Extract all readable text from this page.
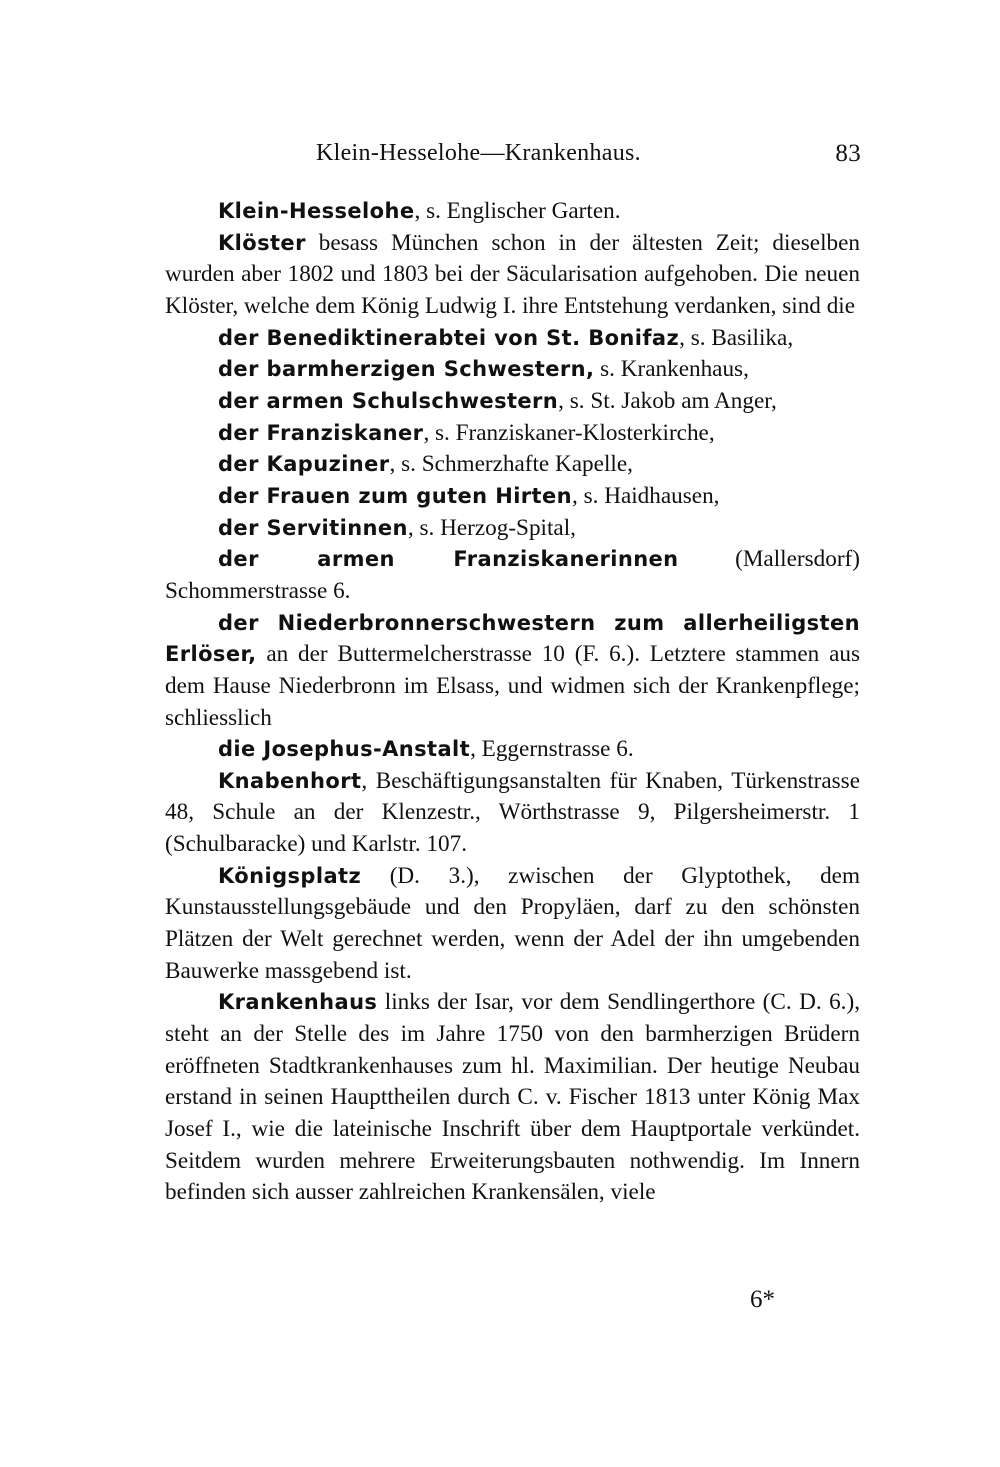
Klein-Hesselohe—Krankenhaus.	83

Klein-Hesselohe, s. Englischer Garten.

Klöster besass München schon in der ältesten Zeit; dieselben wurden aber 1802 und 1803 bei der Säcularisation aufgehoben. Die neuen Klöster, welche dem König Ludwig I. ihre Entstehung verdanken, sind die

der Benediktinerabtei von St. Bonifaz, s. Basilika,

der barmherzigen Schwestern, s. Krankenhaus,

der armen Schulschwestern, s. St. Jakob am Anger,

der Franziskaner, s. Franziskaner-Klosterkirche,

der Kapuziner, s. Schmerzhafte Kapelle,

der Frauen zum guten Hirten, s. Haidhausen,

der Servitinnen, s. Herzog-Spital,

der armen Franziskanerinnen (Mallersdorf) Schommerstrasse 6.

der Niederbronnerschwestern zum allerheiligsten Erlöser, an der Buttermelcherstrasse 10 (F. 6.). Letztere stammen aus dem Hause Niederbronn im Elsass, und widmen sich der Krankenpflege; schliesslich

die Josephus-Anstalt, Eggernstrasse 6.

Knabenhort, Beschäftigungsanstalten für Knaben, Türkenstrasse 48, Schule an der Klenzestr., Wörthstrasse 9, Pilgersheimerstr. 1 (Schulbaracke) und Karlstr. 107.

Königsplatz (D. 3.), zwischen der Glyptothek, dem Kunstausstellungsgebäude und den Propyläen, darf zu den schönsten Plätzen der Welt gerechnet werden, wenn der Adel der ihn umgebenden Bauwerke massgebend ist.

Krankenhaus links der Isar, vor dem Sendlingerthore (C. D. 6.), steht an der Stelle des im Jahre 1750 von den barmherzigen Brüdern eröffneten Stadtkrankenhauses zum hl. Maximilian. Der heutige Neubau erstand in seinen Haupttheilen durch C. v. Fischer 1813 unter König Max Josef I., wie die lateinische Inschrift über dem Hauptportale verkündet. Seitdem wurden mehrere Erweiterungsbauten nothwendig. Im Innern befinden sich ausser zahlreichen Krankensälen, viele

6*
